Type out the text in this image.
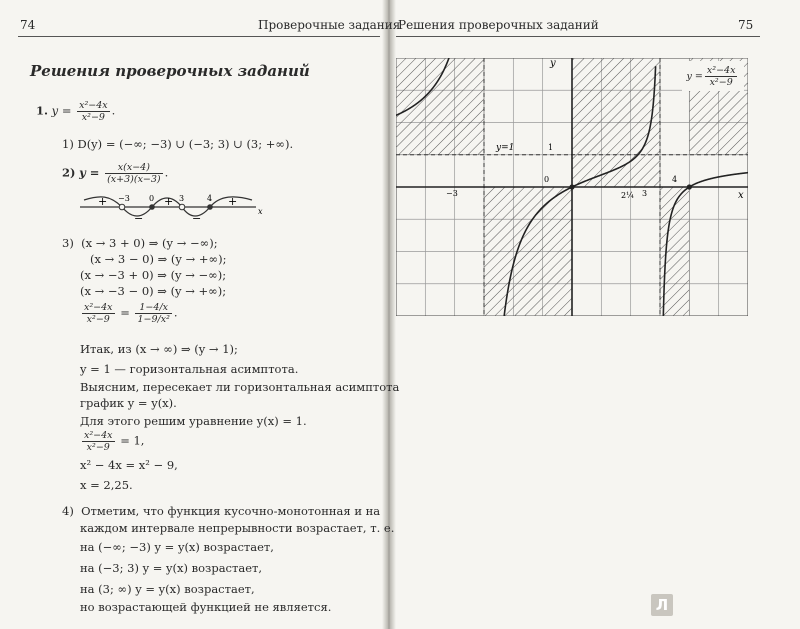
74	Проверочные задания
Решения проверочных заданий
1. $y = \frac{\text{x²−4x}}{\text{x²−9}}$ .
1) D(y) = (−∞; −3) ∪ (−3; 3) ∪ (3; +∞).
2) $y = \frac{x(x-4)}{(x+3)(x-3)}$ .
−3 0	3	4
+
−
+
−
+
x
3) (x → 3 + 0) ⇒ (y → −∞);
(x → 3 − 0) ⇒ (y → +∞);
(x → −3 + 0) ⇒ (y → −∞);
(x → −3 − 0) ⇒ (y → +∞);
$\frac{\text{x²−4x}}{\text{x²−9}} = \frac{1-4/x}{\text{1−9/x²}}$ .
Итак, из (x → ∞) ⇒ (y → 1);
y = 1 — горизонтальная асимптота.
Выясним, пересекает ли горизонтальная асимптота
график y = y(x).
Для этого решим уравнение y(x) = 1.
$\frac{\text{x²−4x}}{\text{x²−9}} = 1$,
x² − 4x = x² − 9,
x = 2,25.
4) Отметим, что функция кусочно-монотонная и на
каждом интервале непрерывности возрастает, т. е.
на (−∞; −3) y = y(x) возрастает,
на (−3; 3) y = y(x) возрастает,
на (3; ∞) y = y(x) возрастает,
но возрастающей функцией не является.
Решения проверочных заданий	75
y
x
y=1
−3
0
1
2¼ 3
4
$y = \frac{\text{x²−4x}}{\text{x²−9}}$
Л
